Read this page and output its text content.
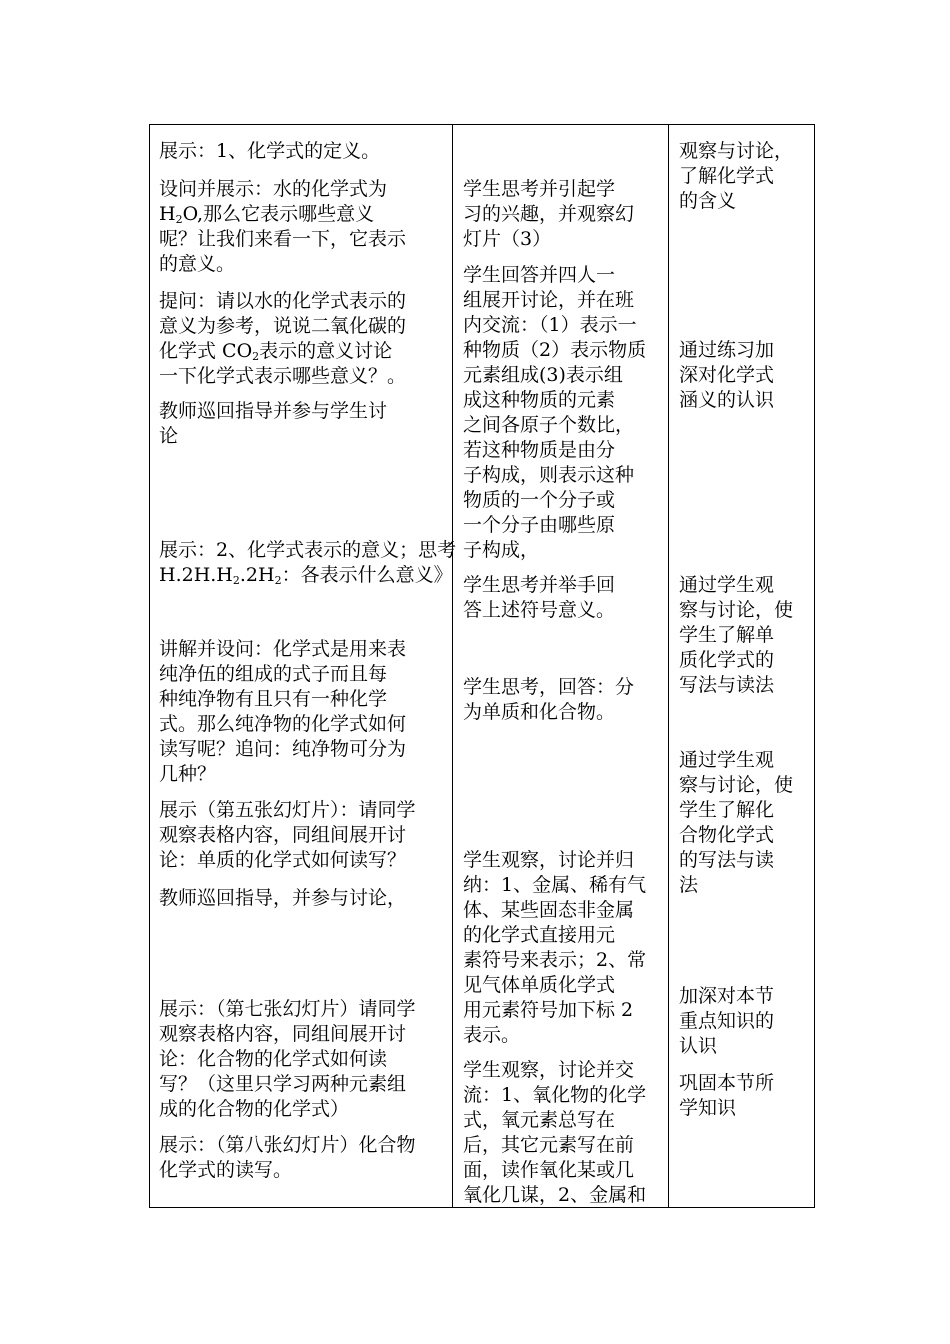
展示：1、化学式的定义。
设问并展示：水的化学式为
$H_2O$,那么它表示哪些意义
呢？让我们来看一下，它表示
的意义。
提问：请以水的化学式表示的
意义为参考，说说二氧化碳的
化学式 $CO_2$表示的意义讨论
一下化学式表示哪些意义？。
教师巡回指导并参与学生讨
论
展示：2、化学式表示的意义；思考
$H.2H.H_2.2H_2$：各表示什么意义》
讲解并设问：化学式是用来表
纯净伍的组成的式子而且每
种纯净物有且只有一种化学
式。那么纯净物的化学式如何
读写呢？追问：纯净物可分为
几种？
展示（第五张幻灯片）：请同学
观察表格内容，同组间展开讨
论：单质的化学式如何读写？
教师巡回指导，并参与讨论，
展示：（第七张幻灯片）请同学
观察表格内容，同组间展开讨
论：化合物的化学式如何读
写？（这里只学习两种元素组
成的化合物的化学式）
展示：（第八张幻灯片）化合物
化学式的读写。
学生思考并引起学
习的兴趣，并观察幻
灯片（3）
学生回答并四人一
组展开讨论，并在班
内交流：（1）表示一
种物质（2）表示物质
元素组成(3)表示组
成这种物质的元素
之间各原子个数比，
若这种物质是由分
子构成，则表示这种
物质的一个分子或
一个分子由哪些原
子构成，
学生思考并举手回
答上述符号意义。
学生思考，回答：分
为单质和化合物。
学生观察，讨论并归
纳：1、金属、稀有气
体、某些固态非金属
的化学式直接用元
素符号来表示；2、常
见气体单质化学式
用元素符号加下标 2
表示。
学生观察，讨论并交
流：1、氧化物的化学
式，氧元素总写在
后，其它元素写在前
面，读作氧化某或几
氧化几谋，2、金属和
观察与讨论，
了解化学式
的含义
通过练习加
深对化学式
涵义的认识
通过学生观
察与讨论，使
学生了解单
质化学式的
写法与读法
通过学生观
察与讨论，使
学生了解化
合物化学式
的写法与读
法
加深对本节
重点知识的
认识
巩固本节所
学知识
